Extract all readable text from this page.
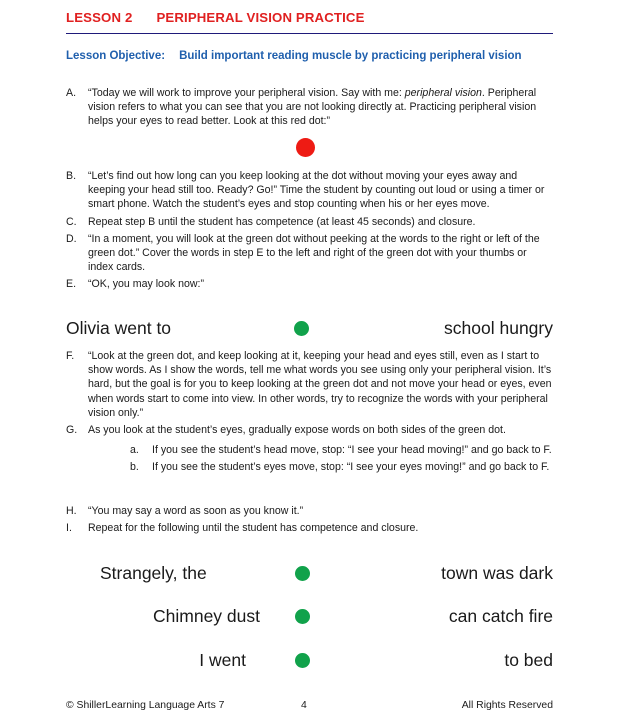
LESSON 2 PERIPHERAL VISION PRACTICE
Lesson Objective: Build important reading muscle by practicing peripheral vision
A.	“Today we will work to improve your peripheral vision. Say with me: peripheral vision. Peripheral vision refers to what you can see that you are not looking directly at. Practicing peripheral vision helps your eyes to read better. Look at this red dot:”
B.	“Let’s find out how long can you keep looking at the dot without moving your eyes away and keeping your head still too. Ready? Go!” Time the student by counting out loud or using a timer or smart phone. Watch the student’s eyes and stop counting when his or her eyes move.
C.	Repeat step B until the student has competence (at least 45 seconds) and closure.
D.	“In a moment, you will look at the green dot without peeking at the words to the right or left of the green dot.” Cover the words in step E to the left and right of the green dot with your thumbs or index cards.
E.	“OK, you may look now:”
Olivia went to	school hungry
F.	“Look at the green dot, and keep looking at it, keeping your head and eyes still, even as I start to show words. As I show the words, tell me what words you see using only your peripheral vision. It’s hard, but the goal is for you to keep looking at the green dot and not move your head or eyes, even when words start to come into view. In other words, try to recognize the words with your peripheral vision only.”
G.	As you look at the student’s eyes, gradually expose words on both sides of the green dot.
a.	If you see the student’s head move, stop: “I see your head moving!” and go back to F.
b.	If you see the student’s eyes move, stop: “I see your eyes moving!” and go back to F.
H.	“You may say a word as soon as you know it.”
I.	Repeat for the following until the student has competence and closure.
Strangely, the	town was dark
Chimney dust	can catch fire
I went	to bed
© ShillerLearning Language Arts 7	4	All Rights Reserved
